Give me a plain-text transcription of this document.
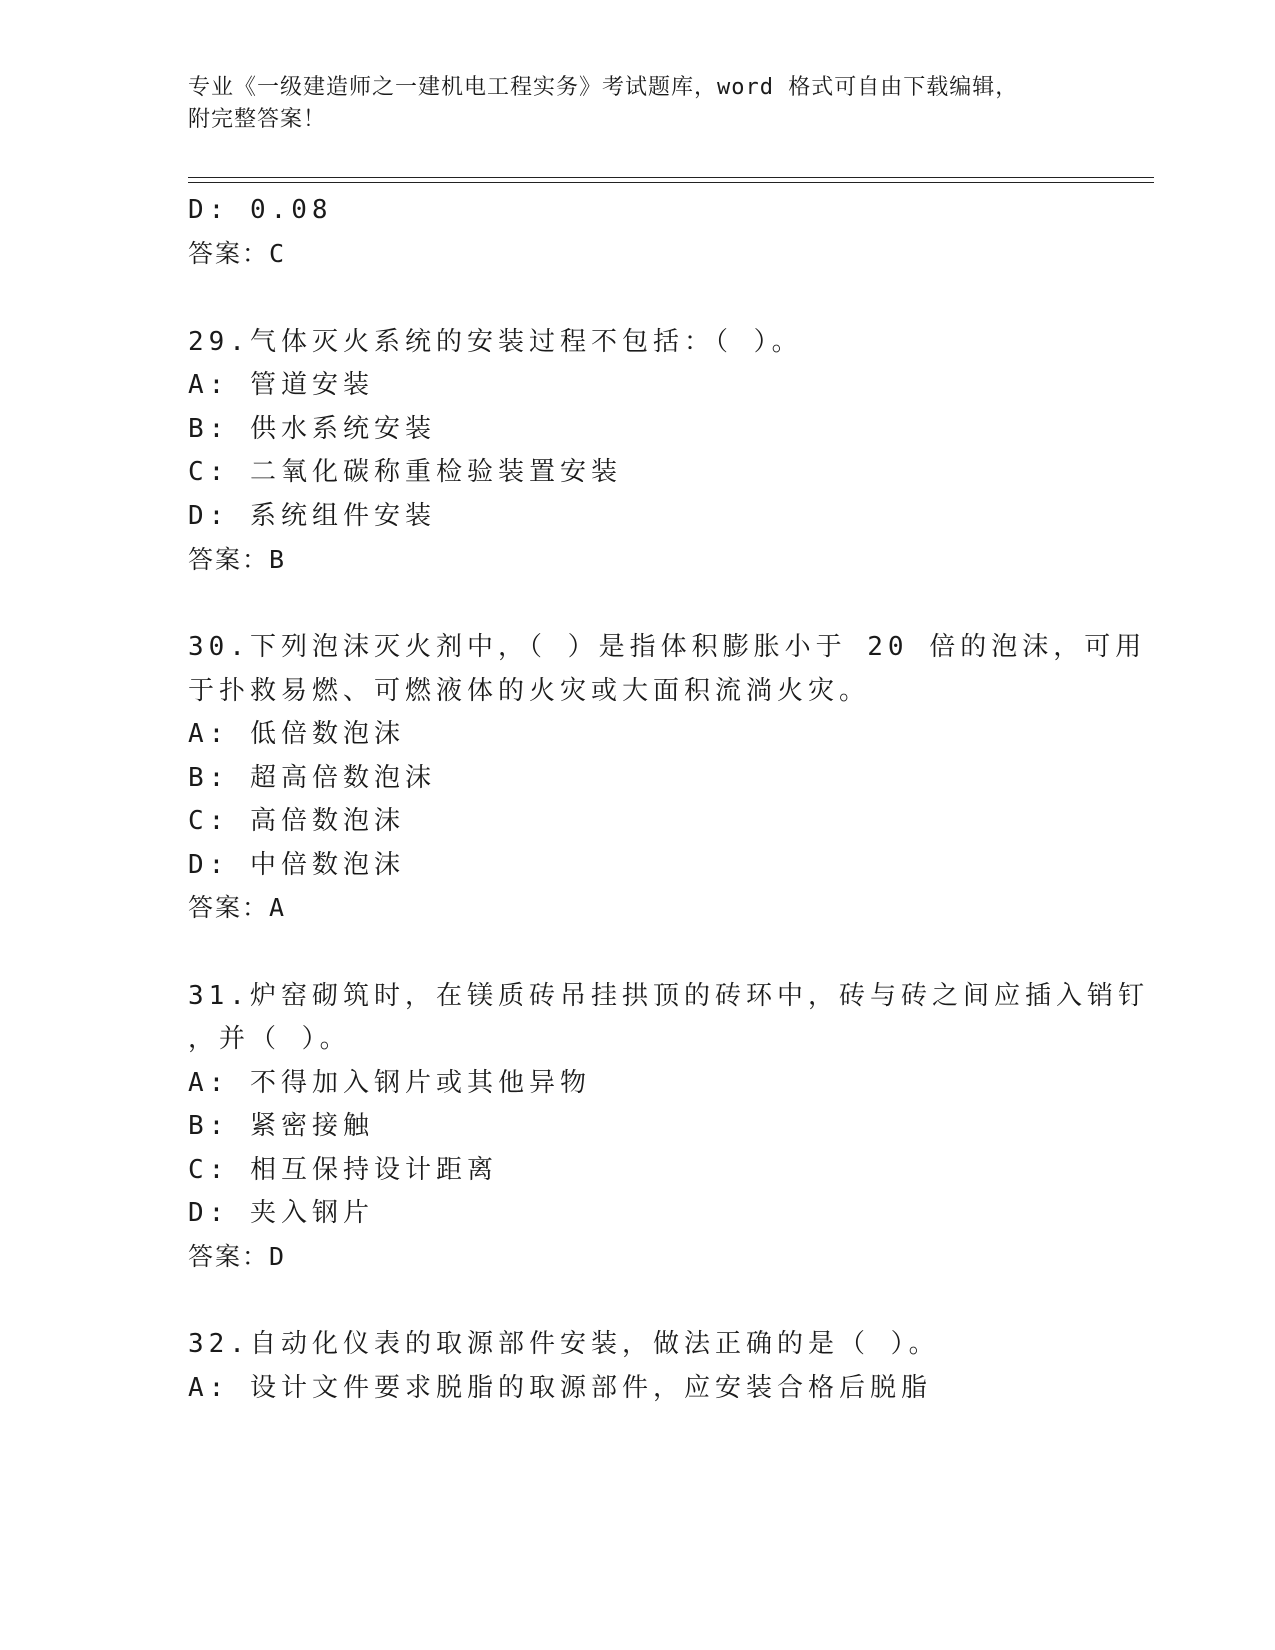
专业《一级建造师之一建机电工程实务》考试题库，word 格式可自由下载编辑，
附完整答案！
D: 0.08
答案：C
29.气体灭火系统的安装过程不包括：（ ）。
A: 管道安装
B: 供水系统安装
C: 二氧化碳称重检验装置安装
D: 系统组件安装
答案：B
30.下列泡沫灭火剂中，（ ）是指体积膨胀小于 20 倍的泡沫，可用
于扑救易燃、可燃液体的火灾或大面积流淌火灾。
A: 低倍数泡沫
B: 超高倍数泡沫
C: 高倍数泡沫
D: 中倍数泡沫
答案：A
31.炉窑砌筑时，在镁质砖吊挂拱顶的砖环中，砖与砖之间应插入销钉
，并（ ）。
A: 不得加入钢片或其他异物
B: 紧密接触
C: 相互保持设计距离
D: 夹入钢片
答案：D
32.自动化仪表的取源部件安装，做法正确的是（ ）。
A: 设计文件要求脱脂的取源部件，应安装合格后脱脂
